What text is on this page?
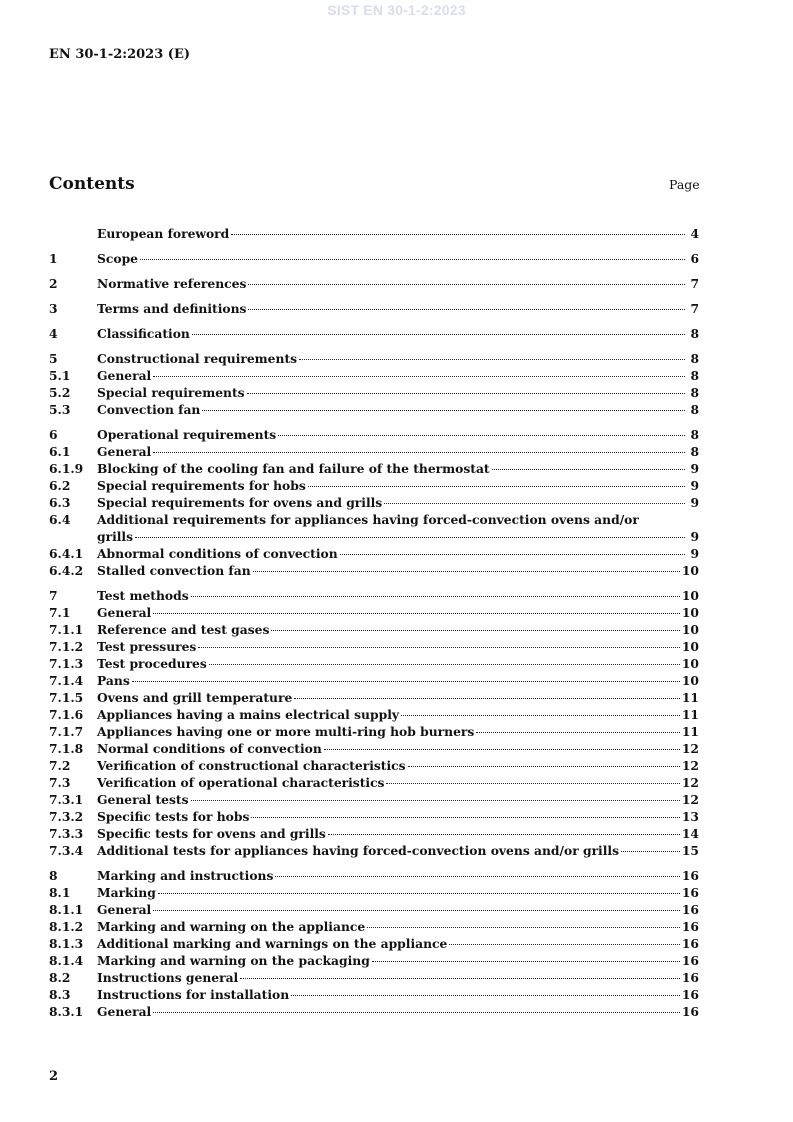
SIST EN 30-1-2:2023
EN 30-1-2:2023 (E)
Contents	Page
European foreword	4
1	Scope	6
2	Normative references	7
3	Terms and definitions	7
4	Classification	8
5	Constructional requirements	8
5.1	General	8
5.2	Special requirements	8
5.3	Convection fan	8
6	Operational requirements	8
6.1	General	8
6.1.9	Blocking of the cooling fan and failure of the thermostat	9
6.2	Special requirements for hobs	9
6.3	Special requirements for ovens and grills	9
6.4	Additional requirements for appliances having forced-convection ovens and/or
grills	9
6.4.1	Abnormal conditions of convection	9
6.4.2	Stalled convection fan	10
7	Test methods	10
7.1	General	10
7.1.1	Reference and test gases	10
7.1.2	Test pressures	10
7.1.3	Test procedures	10
7.1.4	Pans	10
7.1.5	Ovens and grill temperature	11
7.1.6	Appliances having a mains electrical supply	11
7.1.7	Appliances having one or more multi-ring hob burners	11
7.1.8	Normal conditions of convection	12
7.2	Verification of constructional characteristics	12
7.3	Verification of operational characteristics	12
7.3.1	General tests	12
7.3.2	Specific tests for hobs	13
7.3.3	Specific tests for ovens and grills	14
7.3.4	Additional tests for appliances having forced-convection ovens and/or grills	15
8	Marking and instructions	16
8.1	Marking	16
8.1.1	General	16
8.1.2	Marking and warning on the appliance	16
8.1.3	Additional marking and warnings on the appliance	16
8.1.4	Marking and warning on the packaging	16
8.2	Instructions general	16
8.3	Instructions for installation	16
8.3.1	General	16
2
